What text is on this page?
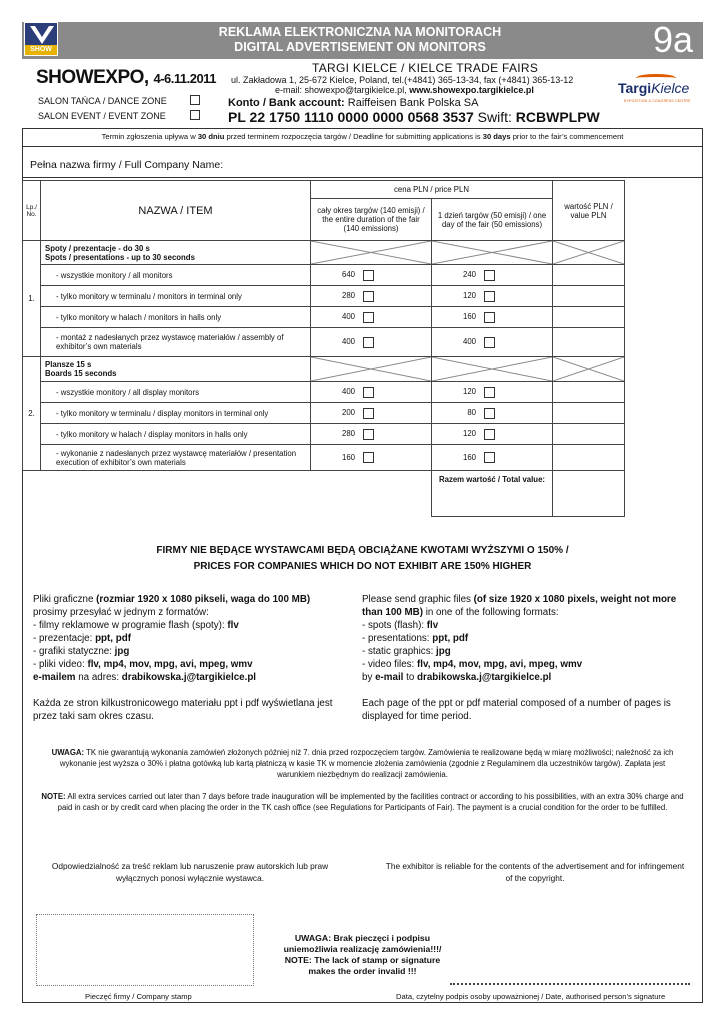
SHOW
REKLAMA ELEKTRONICZNA NA MONITORACH
DIGITAL ADVERTISEMENT ON MONITORS	9a
SHOWEXPO, 4-6.11.2011
SALON TAŃCA / DANCE ZONE
SALON EVENT / EVENT ZONE
TARGI KIELCE / KIELCE TRADE FAIRS
ul. Zakładowa 1, 25-672 Kielce, Poland, tel.(+4841) 365-13-34, fax (+4841) 365-13-12
e-mail: showexpo@targikielce.pl, www.showexpo.targikielce.pl
Konto / Bank account: Raiffeisen Bank Polska SA
PL 22 1750 1110 0000 0000 0568 3537 Swift: RCBWPLPW
TargiKielce
EXPOSITION & CONGRESS CENTRE
Termin zgłoszenia upływa w 30 dniu przed terminem rozpoczęcia targów / Deadline for submitting applications is 30 days prior to the fair’s commencement
Pełna nazwa firmy / Full Company Name:
Lp./ No.	NAZWA / ITEM	cena PLN / price PLN		wartość PLN / value PLN
		cały okres targów (140 emisji) / the entire duration of the fair (140 emissions)	1 dzień targów (50 emisji) / one day of the fair (50 emissions)	
1.	Spoty / prezentacje - do 30 s
Spots / presentations - up to 30 seconds

	- wszystkie monitory / all monitors	640	240	
	- tylko monitory w terminalu / monitors in terminal only	280	120	
	- tylko monitory w halach / monitors in halls only	400	160	
	- montaż z nadesłanych przez wystawcę materiałów / assembly of exhibitor’s own materials	400	400	
2.	Plansze 15 s
Boards 15 seconds

	- wszystkie monitory / all display monitors	400	120	
	- tylko monitory w terminalu / display monitors in terminal only	200	80	
	- tylko monitory w halach / display monitors in halls only	280	120	
	- wykonanie z nadesłanych przez wystawcę materiałów / presentation execution of exhibitor’s own materials	160	160	
			Razem wartość / Total value:	
FIRMY NIE BĘDĄCE WYSTAWCAMI BĘDĄ OBCIĄŻANE KWOTAMI WYŻSZYMI O 150% /
PRICES FOR COMPANIES WHICH DO NOT EXHIBIT ARE 150% HIGHER
Pliki graficzne (rozmiar 1920 x 1080 pikseli, waga do 100 MB)
prosimy przesyłać w jednym z formatów:
- filmy reklamowe w programie flash (spoty): flv
- prezentacje: ppt, pdf
- grafiki statyczne: jpg
- pliki video: flv, mp4, mov, mpg, avi, mpeg, wmv
e-mailem na adres: drabikowska.j@targikielce.pl
Każda ze stron kilkustronicowego materiału ppt i pdf wyświetlana jest przez taki sam okres czasu.
Please send graphic files (of size 1920 x 1080 pixels, weight not more than 100 MB) in one of the following formats:
- spots (flash): flv
- presentations: ppt, pdf
- static graphics: jpg
- video files: flv, mp4, mov, mpg, avi, mpeg, wmv
by e-mail to drabikowska.j@targikielce.pl
Each page of the ppt or pdf material composed of a number of pages is displayed for time period.
UWAGA: TK nie gwarantują wykonania zamówień złożonych później niż 7. dnia przed rozpoczęciem targów. Zamówienia te realizowane będą w miarę możliwości; należność za ich wykonanie jest wyższa o 30% i płatna gotówką lub kartą płatniczą w kasie TK w momencie złożenia zamówienia (zgodnie z Regulaminem dla uczestników targów). Zapłata jest warunkiem niezbędnym do realizacji zamówienia.
NOTE: All extra services carried out later than 7 days before trade inauguration will be implemented by the facilities contract or according to his possibilities, with an extra 30% charge and paid in cash or by credit card when placing the order in the TK cash office (see Regulations for Participants of Fair). The payment is a crucial condition for the order to be fulfilled.
Odpowiedzialność za treść reklam lub naruszenie praw autorskich lub praw wyłącznych ponosi wyłącznie wystawca.
The exhibitor is reliable for the contents of the advertisement and for infringement of the copyright.
UWAGA: Brak pieczęci i podpisu
uniemożliwia realizację zamówienia!!!/
NOTE: The lack of stamp or signature
makes the order invalid !!!
Pieczęć firmy / Company stamp	Data, czytelny podpis osoby upoważnionej / Date, authorised person’s signature
